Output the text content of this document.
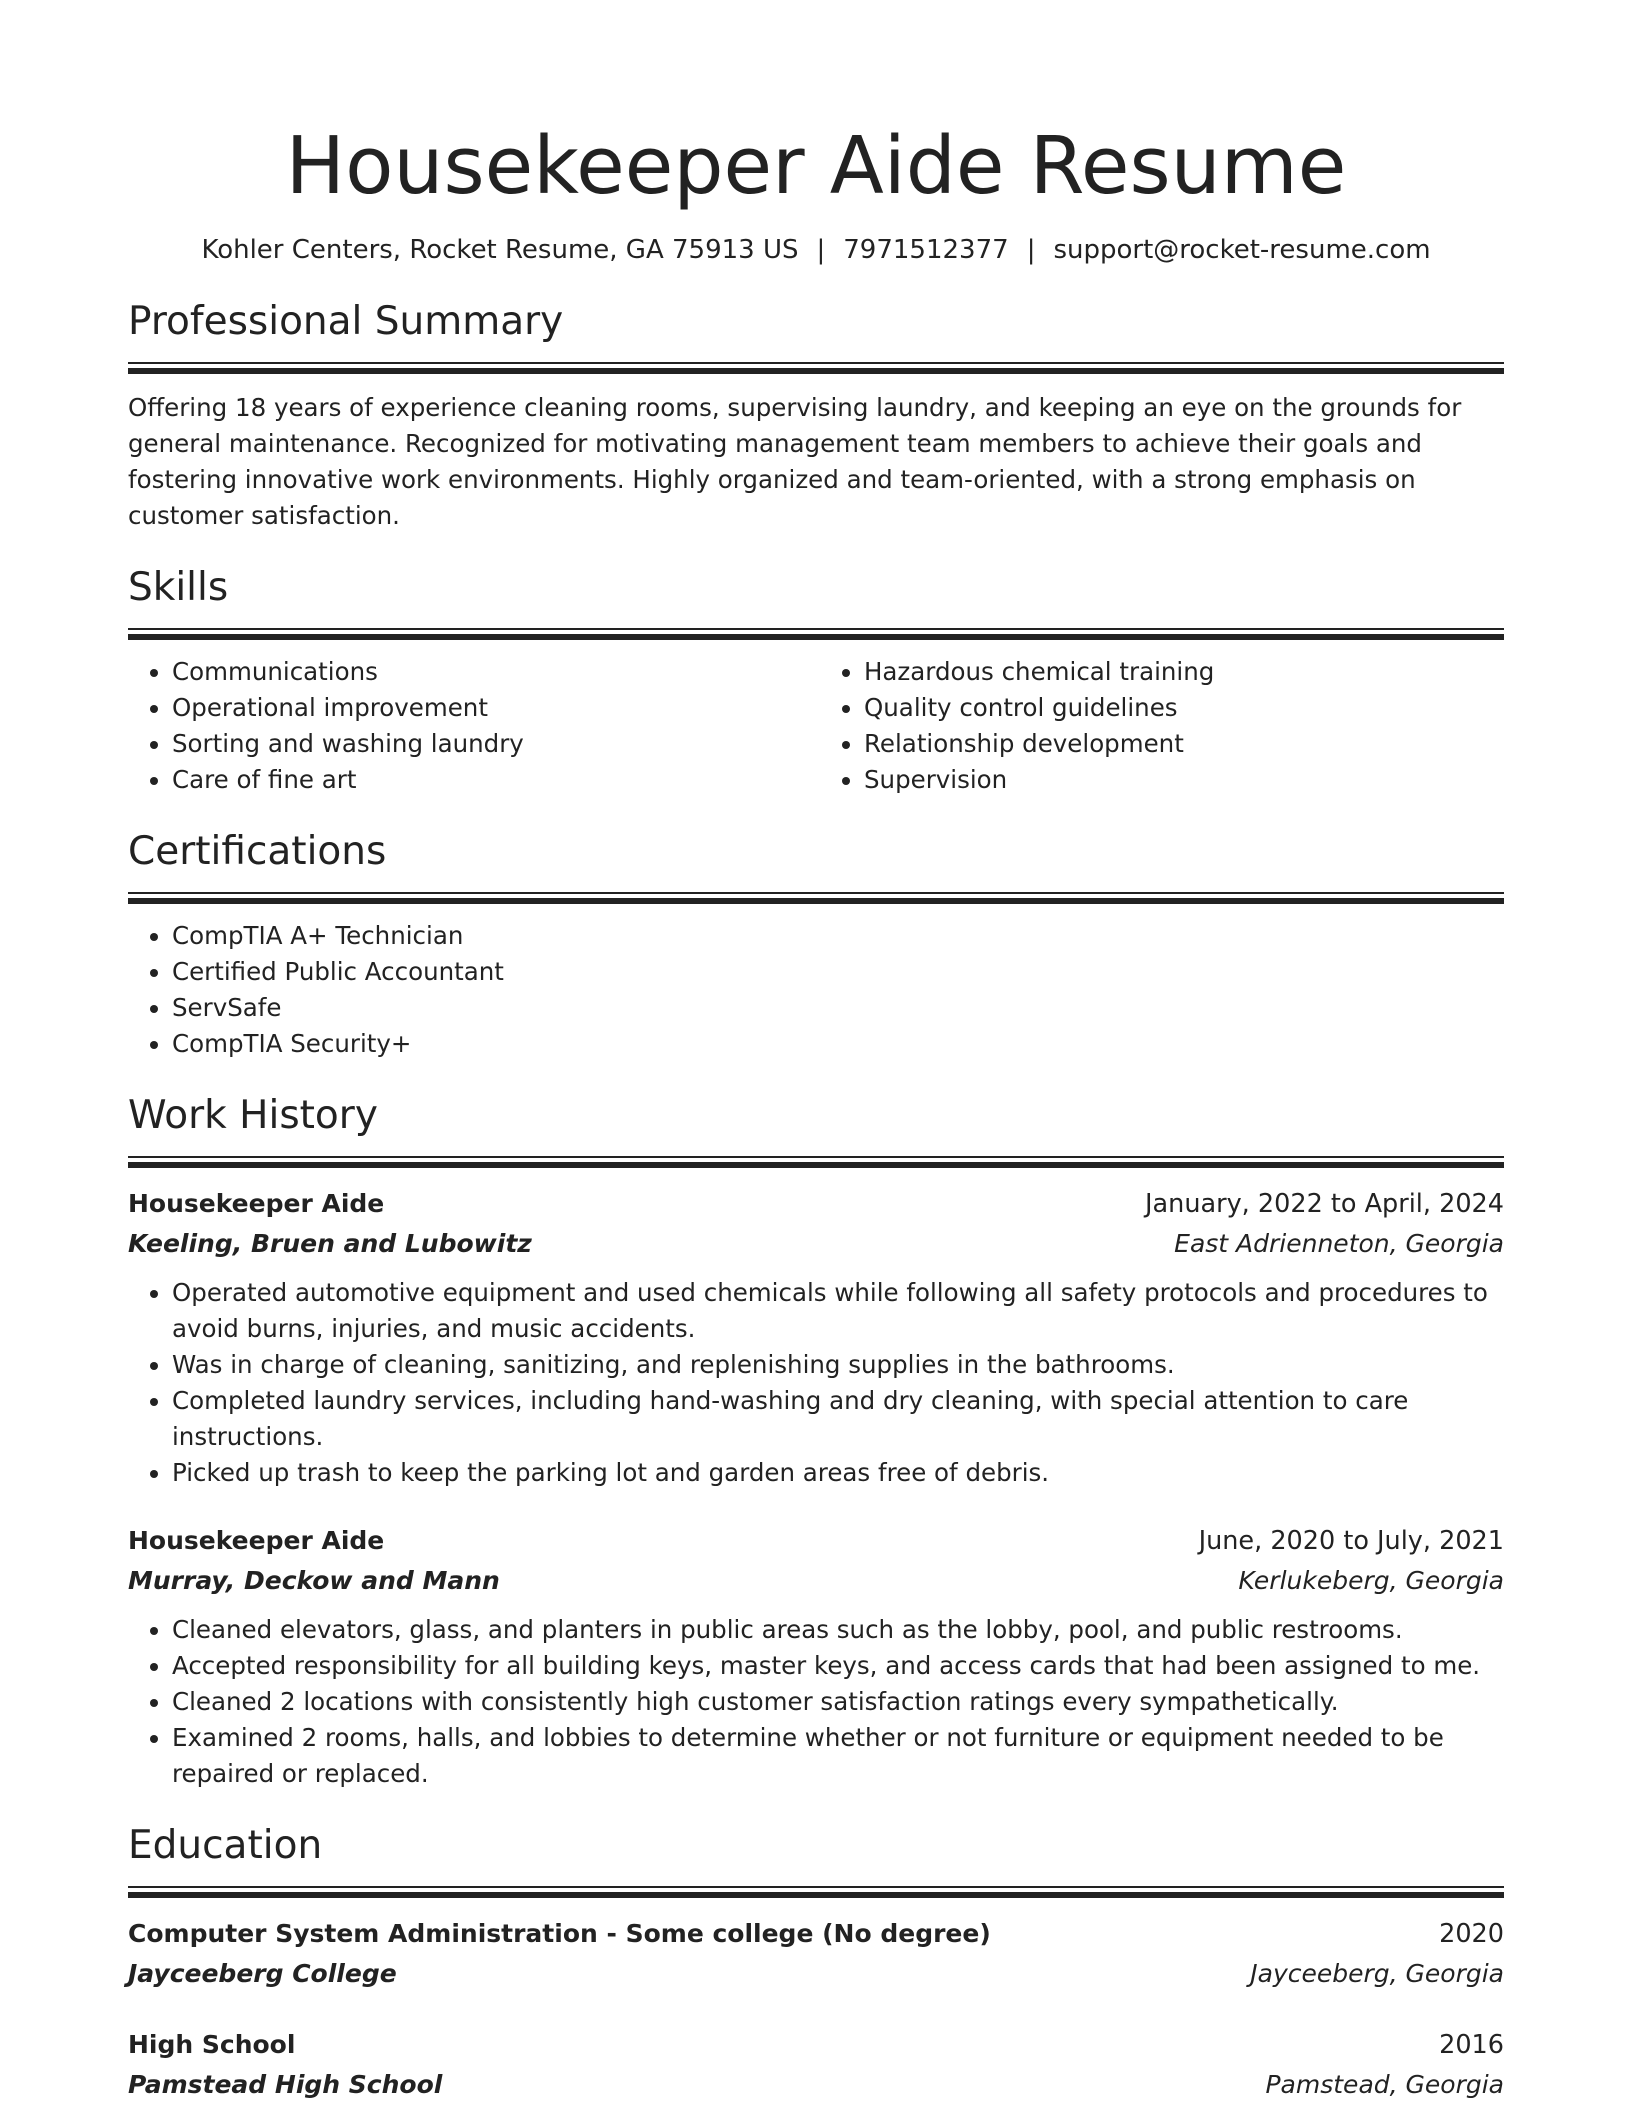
Housekeeper Aide Resume
Kohler Centers, Rocket Resume, GA 75913 US | 7971512377 | support@rocket-resume.com
Professional Summary

Offering 18 years of experience cleaning rooms, supervising laundry, and keeping an eye on the grounds for general maintenance. Recognized for motivating management team members to achieve their goals and fostering innovative work environments. Highly organized and team-oriented, with a strong emphasis on customer satisfaction.

Skills
• Communications
• Operational improvement
• Sorting and washing laundry
• Care of fine art
• Hazardous chemical training
• Quality control guidelines
• Relationship development
• Supervision
Certifications
• CompTIA A+ Technician
• Certified Public Accountant
• ServSafe
• CompTIA Security+
Work History
Housekeeper Aide	January, 2022 to April, 2024
Keeling, Bruen and Lubowitz	East Adrienneton, Georgia
• Operated automotive equipment and used chemicals while following all safety protocols and procedures to avoid burns, injuries, and music accidents.
• Was in charge of cleaning, sanitizing, and replenishing supplies in the bathrooms.
• Completed laundry services, including hand-washing and dry cleaning, with special attention to care instructions.
• Picked up trash to keep the parking lot and garden areas free of debris.
Housekeeper Aide	June, 2020 to July, 2021
Murray, Deckow and Mann	Kerlukeberg, Georgia
• Cleaned elevators, glass, and planters in public areas such as the lobby, pool, and public restrooms.
• Accepted responsibility for all building keys, master keys, and access cards that had been assigned to me.
• Cleaned 2 locations with consistently high customer satisfaction ratings every sympathetically.
• Examined 2 rooms, halls, and lobbies to determine whether or not furniture or equipment needed to be repaired or replaced.
Education
Computer System Administration - Some college (No degree)	2020
Jayceeberg College	Jayceeberg, Georgia
High School	2016
Pamstead High School	Pamstead, Georgia
